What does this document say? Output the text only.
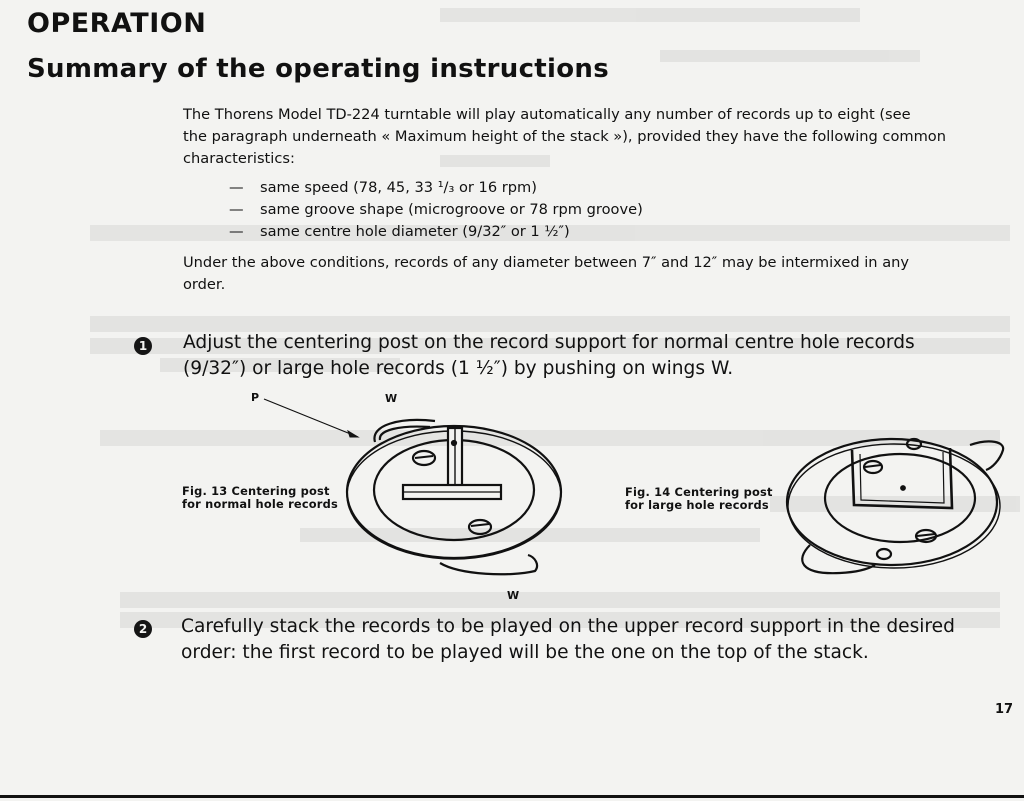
OPERATION
Summary of the operating instructions
The Thorens Model TD-224 turntable will play automatically any number of records up to eight (see
the paragraph underneath « Maximum height of the stack »), provided they have the following common
characteristics:
—	same speed (78, 45, 33 ¹/₃ or 16 rpm)
—	same groove shape (microgroove or 78 rpm groove)
—	same centre hole diameter (9/32″ or 1 ½″)
Under the above conditions, records of any diameter between 7″ and 12″ may be intermixed in any
order.
1 Adjust the centering post on the record support for normal centre hole records
(9/32″) or large hole records (1 ½″) by pushing on wings W.
P	W
W
Fig. 13 Centering post
for normal hole records
Fig. 14 Centering post
for large hole records
2 Carefully stack the records to be played on the upper record support in the desired
order: the first record to be played will be the one on the top of the stack.
17
